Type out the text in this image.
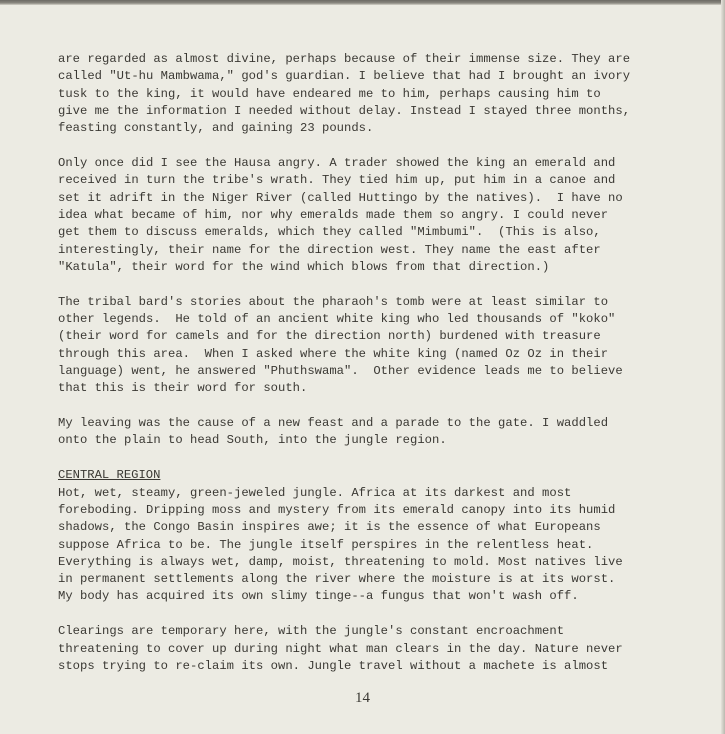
are regarded as almost divine, perhaps because of their immense size. They are
called "Ut-hu Mambwama," god's guardian. I believe that had I brought an ivory
tusk to the king, it would have endeared me to him, perhaps causing him to
give me the information I needed without delay. Instead I stayed three months,
feasting constantly, and gaining 23 pounds.
Only once did I see the Hausa angry. A trader showed the king an emerald and
received in turn the tribe's wrath. They tied him up, put him in a canoe and
set it adrift in the Niger River (called Huttingo by the natives).  I have no
idea what became of him, nor why emeralds made them so angry. I could never
get them to discuss emeralds, which they called "Mimbumi".  (This is also,
interestingly, their name for the direction west. They name the east after
"Katula", their word for the wind which blows from that direction.)
The tribal bard's stories about the pharaoh's tomb were at least similar to
other legends.  He told of an ancient white king who led thousands of "koko"
(their word for camels and for the direction north) burdened with treasure
through this area.  When I asked where the white king (named Oz Oz in their
language) went, he answered "Phuthswama".  Other evidence leads me to believe
that this is their word for south.
My leaving was the cause of a new feast and a parade to the gate. I waddled
onto the plain to head South, into the jungle region.
CENTRAL REGION
Hot, wet, steamy, green-jeweled jungle. Africa at its darkest and most
foreboding. Dripping moss and mystery from its emerald canopy into its humid
shadows, the Congo Basin inspires awe; it is the essence of what Europeans
suppose Africa to be. The jungle itself perspires in the relentless heat.
Everything is always wet, damp, moist, threatening to mold. Most natives live
in permanent settlements along the river where the moisture is at its worst.
My body has acquired its own slimy tinge--a fungus that won't wash off.
Clearings are temporary here, with the jungle's constant encroachment
threatening to cover up during night what man clears in the day. Nature never
stops trying to re-claim its own. Jungle travel without a machete is almost
14
